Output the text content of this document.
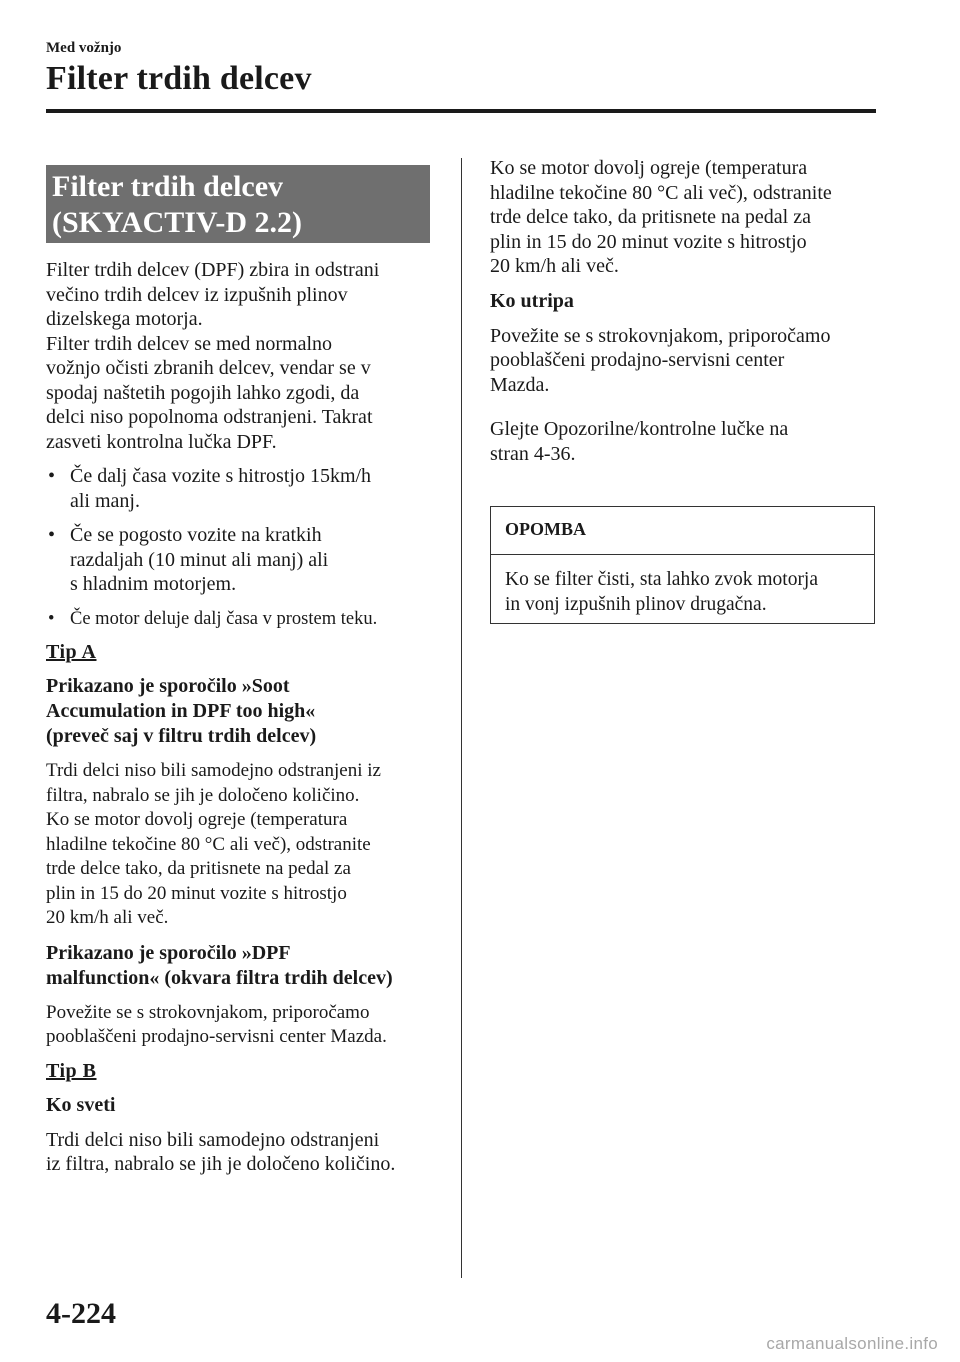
Med vožnjo
Filter trdih delcev
Filter trdih delcev
(SKYACTIV-D 2.2)

Filter trdih delcev (DPF) zbira in odstrani
večino trdih delcev iz izpušnih plinov
dizelskega motorja.
Filter trdih delcev se med normalno
vožnjo očisti zbranih delcev, vendar se v
spodaj naštetih pogojih lahko zgodi, da
delci niso popolnoma odstranjeni. Takrat
zasveti kontrolna lučka DPF.

• Če dalj časa vozite s hitrostjo 15km/h
ali manj.
• Če se pogosto vozite na kratkih
razdaljah (10 minut ali manj) ali
s hladnim motorjem.
• Če motor deluje dalj časa v prostem teku.
Tip A
Prikazano je sporočilo »Soot
Accumulation in DPF too high«
(preveč saj v filtru trdih delcev)

Trdi delci niso bili samodejno odstranjeni iz
filtra, nabralo se jih je določeno količino.
Ko se motor dovolj ogreje (temperatura
hladilne tekočine 80 °C ali več), odstranite
trde delce tako, da pritisnete na pedal za
plin in 15 do 20 minut vozite s hitrostjo
20 km/h ali več.

Prikazano je sporočilo »DPF
malfunction« (okvara filtra trdih delcev)

Povežite se s strokovnjakom, priporočamo
pooblaščeni prodajno-servisni center Mazda.

Tip B
Ko sveti

Trdi delci niso bili samodejno odstranjeni
iz filtra, nabralo se jih je določeno količino.

Ko se motor dovolj ogreje (temperatura
hladilne tekočine 80 °C ali več), odstranite
trde delce tako, da pritisnete na pedal za
plin in 15 do 20 minut vozite s hitrostjo
20 km/h ali več.

Ko utripa

Povežite se s strokovnjakom, priporočamo
pooblaščeni prodajno-servisni center
Mazda.

Glejte Opozorilne/kontrolne lučke na
stran 4-36.

OPOMBA
Ko se filter čisti, sta lahko zvok motorja
in vonj izpušnih plinov drugačna.
4-224
carmanualsonline.info
